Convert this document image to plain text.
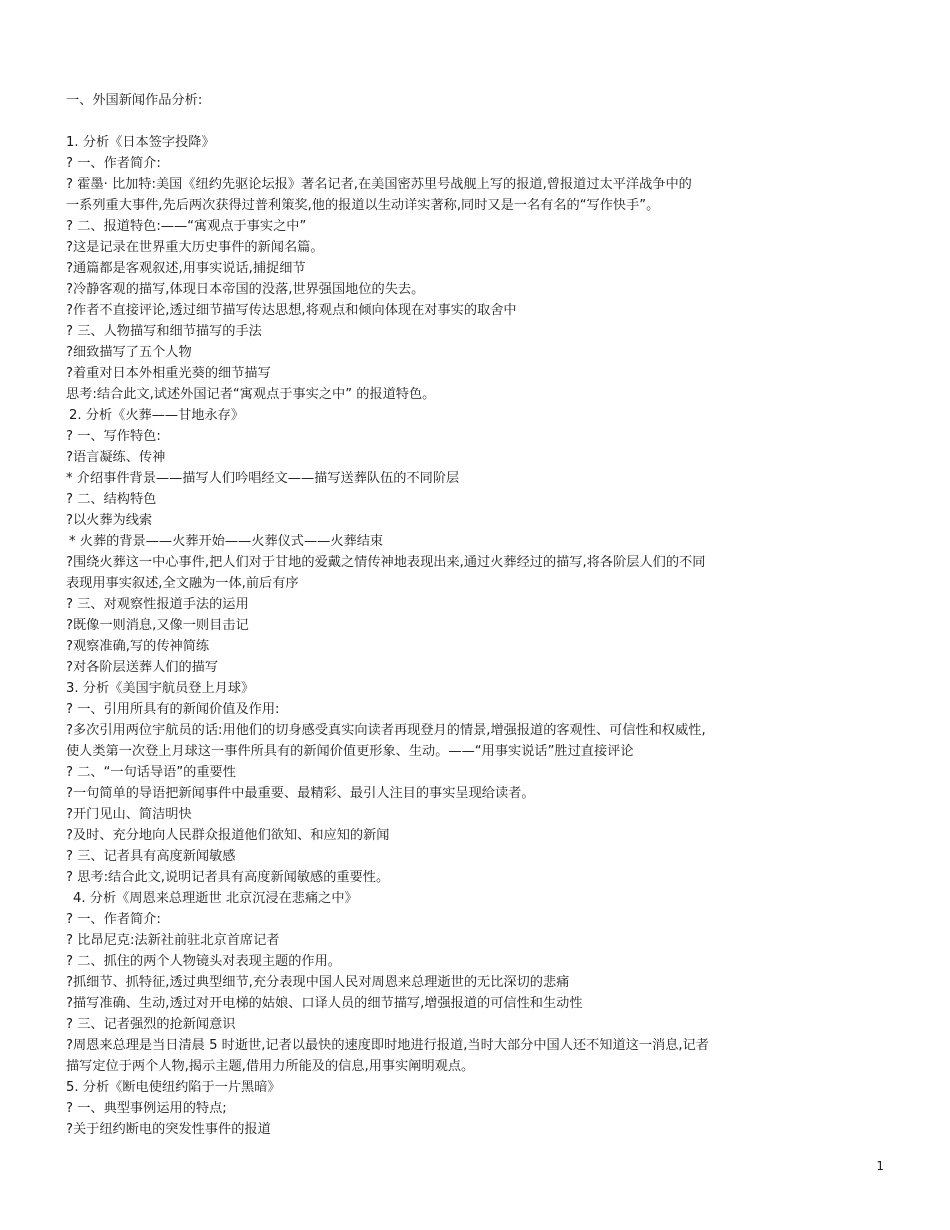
一、外国新闻作品分析:
1. 分析《日本签字投降》
? 一、作者简介:
? 霍墨· 比加特:美国《纽约先驱论坛报》著名记者,在美国密苏里号战舰上写的报道,曾报道过太平洋战争中的
一系列重大事件,先后两次获得过普利策奖,他的报道以生动详实著称,同时又是一名有名的“写作快手”。
? 二、报道特色:——“寓观点于事实之中”
?这是记录在世界重大历史事件的新闻名篇。
?通篇都是客观叙述,用事实说话,捕捉细节
?冷静客观的描写,体现日本帝国的没落,世界强国地位的失去。
?作者不直接评论,透过细节描写传达思想,将观点和倾向体现在对事实的取舍中
? 三、人物描写和细节描写的手法
?细致描写了五个人物
?着重对日本外相重光葵的细节描写
思考:结合此文,试述外国记者“寓观点于事实之中” 的报道特色。
2. 分析《火葬——甘地永存》
? 一、写作特色:
?语言凝练、传神
* 介绍事件背景——描写人们吟唱经文——描写送葬队伍的不同阶层
? 二、结构特色
?以火葬为线索
* 火葬的背景——火葬开始——火葬仪式——火葬结束
?围绕火葬这一中心事件,把人们对于甘地的爱戴之情传神地表现出来,通过火葬经过的描写,将各阶层人们的不同
表现用事实叙述,全文融为一体,前后有序
? 三、对观察性报道手法的运用
?既像一则消息,又像一则目击记
?观察准确,写的传神简练
?对各阶层送葬人们的描写
3. 分析《美国宇航员登上月球》
? 一、引用所具有的新闻价值及作用:
?多次引用两位宇航员的话:用他们的切身感受真实向读者再现登月的情景,增强报道的客观性、可信性和权威性,
使人类第一次登上月球这一事件所具有的新闻价值更形象、生动。——“用事实说话”胜过直接评论
? 二、“一句话导语”的重要性
?一句简单的导语把新闻事件中最重要、最精彩、最引人注目的事实呈现给读者。
?开门见山、简洁明快
?及时、充分地向人民群众报道他们欲知、和应知的新闻
? 三、记者具有高度新闻敏感
? 思考:结合此文,说明记者具有高度新闻敏感的重要性。
4. 分析《周恩来总理逝世 北京沉浸在悲痛之中》
? 一、作者简介:
? 比昂尼克:法新社前驻北京首席记者
? 二、抓住的两个人物镜头对表现主题的作用。
?抓细节、抓特征,透过典型细节,充分表现中国人民对周恩来总理逝世的无比深切的悲痛
?描写准确、生动,透过对开电梯的姑娘、口译人员的细节描写,增强报道的可信性和生动性
? 三、记者强烈的抢新闻意识
?周恩来总理是当日清晨 5 时逝世,记者以最快的速度即时地进行报道,当时大部分中国人还不知道这一消息,记者
描写定位于两个人物,揭示主题,借用力所能及的信息,用事实阐明观点。
5. 分析《断电使纽约陷于一片黑暗》
? 一、典型事例运用的特点;
?关于纽约断电的突发性事件的报道
1
